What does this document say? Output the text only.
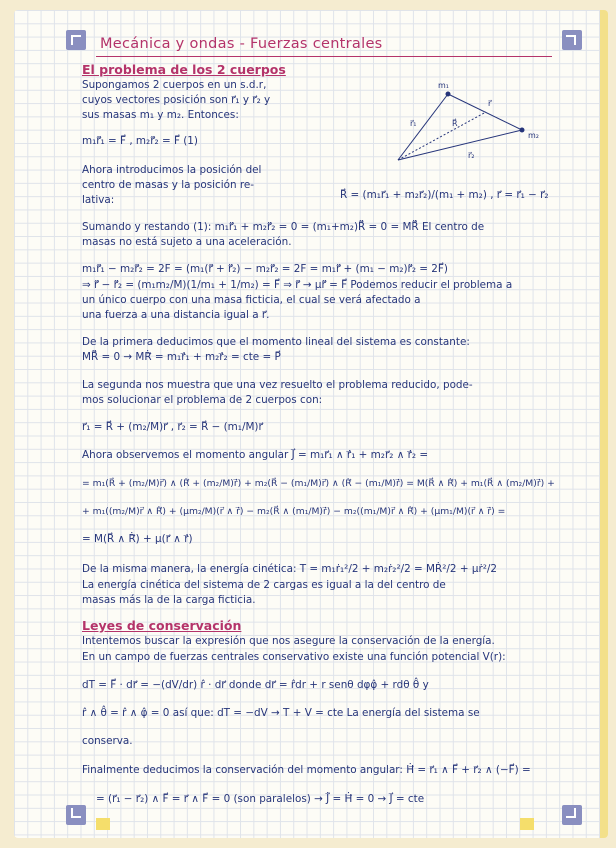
Mecánica y ondas - Fuerzas centrales
El problema de los 2 cuerpos
m₁
m₂
r⃗₁
r⃗₂
r⃗
R⃗
Supongamos 2 cuerpos en un s.d.r,
cuyos vectores posición son r⃗₁ y r⃗₂ y
sus masas m₁ y m₂. Entonces:
m₁r̈⃗₁ = F⃗ , m₂r̈⃗₂ = F⃗ (1)
Ahora introducimos la posición del
centro de masas y la posición re-
lativa:	R⃗ = (m₁r⃗₁ + m₂r⃗₂)/(m₁ + m₂) , r⃗ = r⃗₁ − r⃗₂
Sumando y restando (1): m₁r̈⃗₁ + m₂r̈⃗₂ = 0 = (m₁+m₂)R̈⃗ = 0 = MR̈⃗ El centro de
masas no está sujeto a una aceleración.
m₁r̈⃗₁ − m₂r̈⃗₂ = 2F = (m₁(r̈⃗ + r̈⃗₂) − m₂r̈⃗₂ = 2F = m₁r̈⃗ + (m₁ − m₂)r̈⃗₂ = 2F⃗)
⇒ r̈⃗ − r̈⃗₂ = (m₁m₂/M)(1/m₁ + 1/m₂) = F⃗ ⇒ r̈⃗ → μr̈⃗ = F⃗ Podemos reducir el problema a
un único cuerpo con una masa ficticia, el cual se verá afectado a
una fuerza a una distancia igual a r⃗.
De la primera deducimos que el momento lineal del sistema es constante:
MR̈⃗ = 0 → MṘ⃗ = m₁ṙ⃗₁ + m₂ṙ⃗₂ = cte = P⃗
La segunda nos muestra que una vez resuelto el problema reducido, pode-
mos solucionar el problema de 2 cuerpos con:
r⃗₁ = R⃗ + (m₂/M)r⃗ , r⃗₂ = R⃗ − (m₁/M)r⃗
Ahora observemos el momento angular J⃗ = m₁r⃗₁ ∧ ṙ⃗₁ + m₂r⃗₂ ∧ ṙ⃗₂ =
= m₁(R⃗ + (m₂/M)r⃗) ∧ (Ṙ⃗ + (m₂/M)ṙ⃗) + m₂(R⃗ − (m₁/M)r⃗) ∧ (Ṙ⃗ − (m₁/M)ṙ⃗) = M(R⃗ ∧ Ṙ⃗) + m₁(R⃗ ∧ (m₂/M)ṙ⃗) +
+ m₁((m₂/M)r⃗ ∧ Ṙ⃗) + (μm₂/M)(r⃗ ∧ ṙ⃗) − m₂(R⃗ ∧ (m₁/M)ṙ⃗) − m₂((m₁/M)r⃗ ∧ Ṙ⃗) + (μm₁/M)(r⃗ ∧ ṙ⃗) =
= M(R⃗ ∧ Ṙ⃗) + μ(r⃗ ∧ ṙ⃗)
De la misma manera, la energía cinética: T = m₁ṙ₁²/2 + m₂ṙ₂²/2 = MṘ²/2 + μṙ²/2
La energía cinética del sistema de 2 cargas es igual a la del centro de
masas más la de la carga ficticia.
Leyes de conservación
Intentemos buscar la expresión que nos asegure la conservación de la energía.
En un campo de fuerzas centrales conservativo existe una función potencial V(r):
dT = F⃗ · dr⃗ = −(dV/dr) r̂ · dr⃗ donde dr⃗ = r̂dr + r senθ dφφ̂ + rdθ θ̂ y
r̂ ∧ θ̂ = r̂ ∧ φ̂ = 0 así que: dT = −dV → T + V = cte La energía del sistema se
conserva.
Finalmente deducimos la conservación del momento angular: Ḣ⃗ = r⃗₁ ∧ F⃗ + r⃗₂ ∧ (−F⃗) =
= (r⃗₁ − r⃗₂) ∧ F⃗ = r⃗ ∧ F⃗ = 0 (son paralelos) → J̇⃗ = Ḣ⃗ = 0 → J⃗ = cte
